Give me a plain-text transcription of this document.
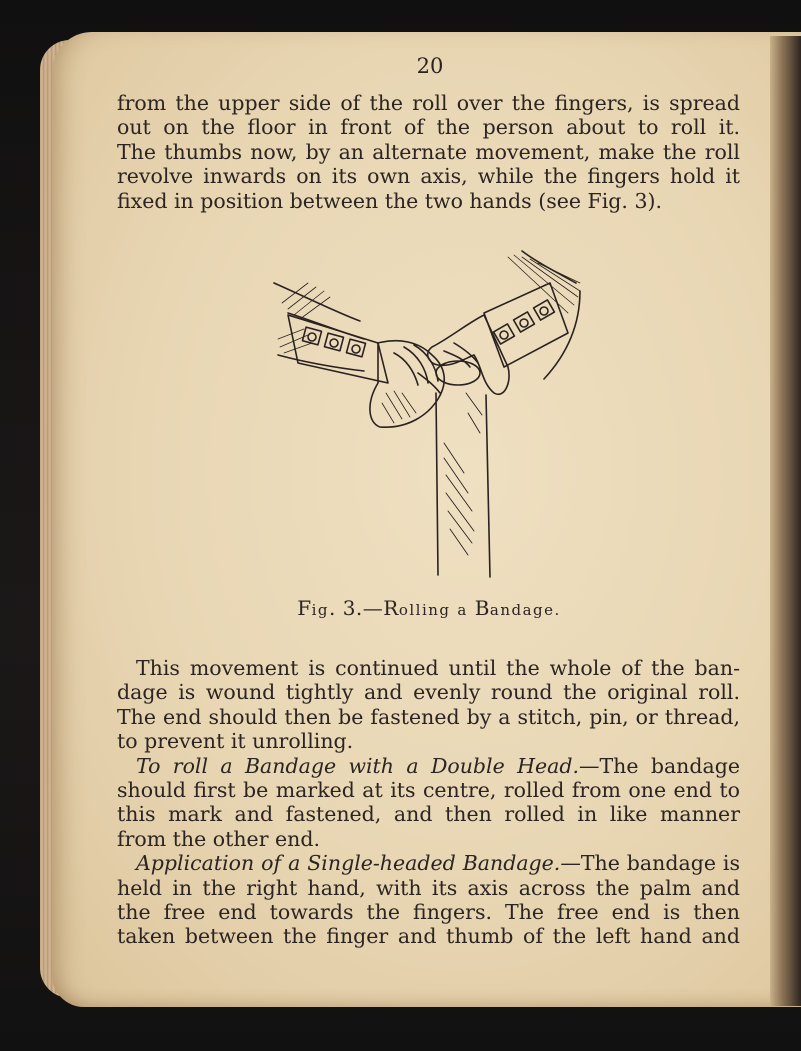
20
from the upper side of the roll over the fingers, is spread
out on the floor in front of the person about to roll it.
The thumbs now, by an alternate movement, make the roll
revolve inwards on its own axis, while the fingers hold it
fixed in position between the two hands (see Fig. 3).
Fig. 3.—Rolling a Bandage.
This movement is continued until the whole of the ban-
dage is wound tightly and evenly round the original roll.
The end should then be fastened by a stitch, pin, or thread,
to prevent it unrolling.
To roll a Bandage with a Double Head.—The bandage
should first be marked at its centre, rolled from one end to
this mark and fastened, and then rolled in like manner
from the other end.
Application of a Single-headed Bandage.—The bandage is
held in the right hand, with its axis across the palm and
the free end towards the fingers. The free end is then
taken between the finger and thumb of the left hand and
